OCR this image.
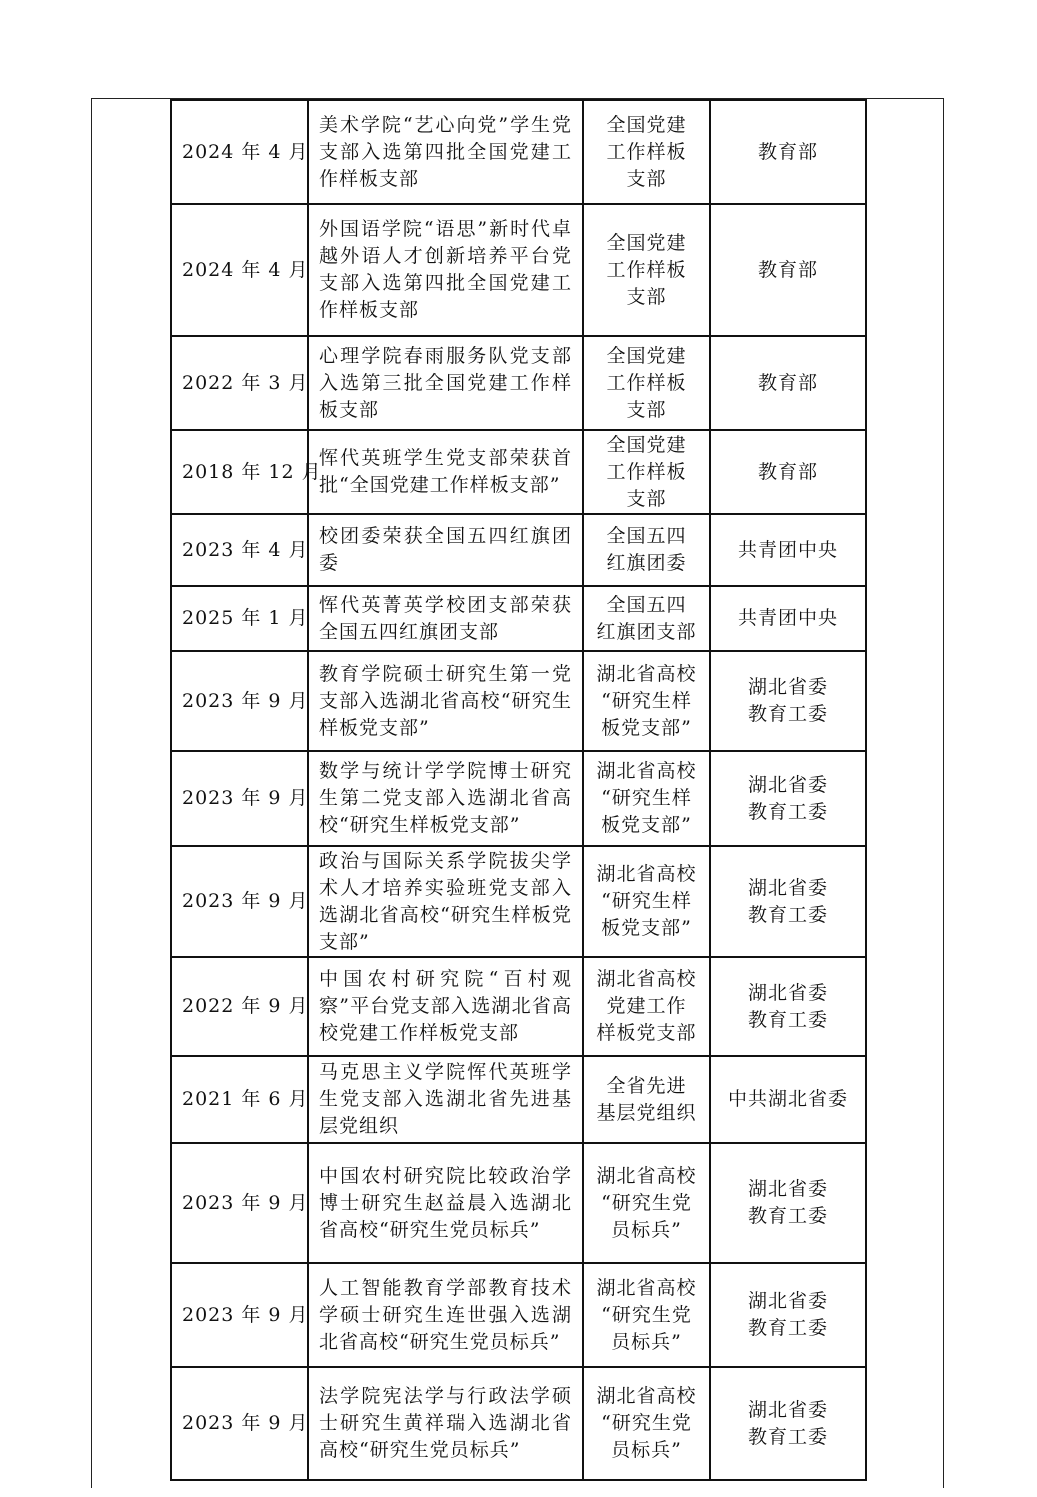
2024 年 4 月	美术学院“艺心向党”学生党支部入选第四批全国党建工作样板支部	全国党建
工作样板
支部	教育部
2024 年 4 月	外国语学院“语思”新时代卓越外语人才创新培养平台党支部入选第四批全国党建工作样板支部	全国党建
工作样板
支部	教育部
2022 年 3 月	心理学院春雨服务队党支部入选第三批全国党建工作样板支部	全国党建
工作样板
支部	教育部
2018 年 12 月	恽代英班学生党支部荣获首批“全国党建工作样板支部”	全国党建
工作样板
支部	教育部
2023 年 4 月	校团委荣获全国五四红旗团委	全国五四
红旗团委	共青团中央
2025 年 1 月	恽代英菁英学校团支部荣获全国五四红旗团支部	全国五四
红旗团支部	共青团中央
2023 年 9 月	教育学院硕士研究生第一党支部入选湖北省高校“研究生样板党支部”	湖北省高校
“研究生样
板党支部”	湖北省委
教育工委
2023 年 9 月	数学与统计学学院博士研究生第二党支部入选湖北省高校“研究生样板党支部”	湖北省高校
“研究生样
板党支部”	湖北省委
教育工委
2023 年 9 月	政治与国际关系学院拔尖学术人才培养实验班党支部入选湖北省高校“研究生样板党支部”	湖北省高校
“研究生样
板党支部”	湖北省委
教育工委
2022 年 9 月	中国农村研究院“百村观察”平台党支部入选湖北省高校党建工作样板党支部	湖北省高校
党建工作
样板党支部	湖北省委
教育工委
2021 年 6 月	马克思主义学院恽代英班学生党支部入选湖北省先进基层党组织	全省先进
基层党组织	中共湖北省委
2023 年 9 月	中国农村研究院比较政治学博士研究生赵益晨入选湖北省高校“研究生党员标兵”	湖北省高校
“研究生党
员标兵”	湖北省委
教育工委
2023 年 9 月	人工智能教育学部教育技术学硕士研究生连世强入选湖北省高校“研究生党员标兵”	湖北省高校
“研究生党
员标兵”	湖北省委
教育工委
2023 年 9 月	法学院宪法学与行政法学硕士研究生黄祥瑞入选湖北省高校“研究生党员标兵”	湖北省高校
“研究生党
员标兵”	湖北省委
教育工委
